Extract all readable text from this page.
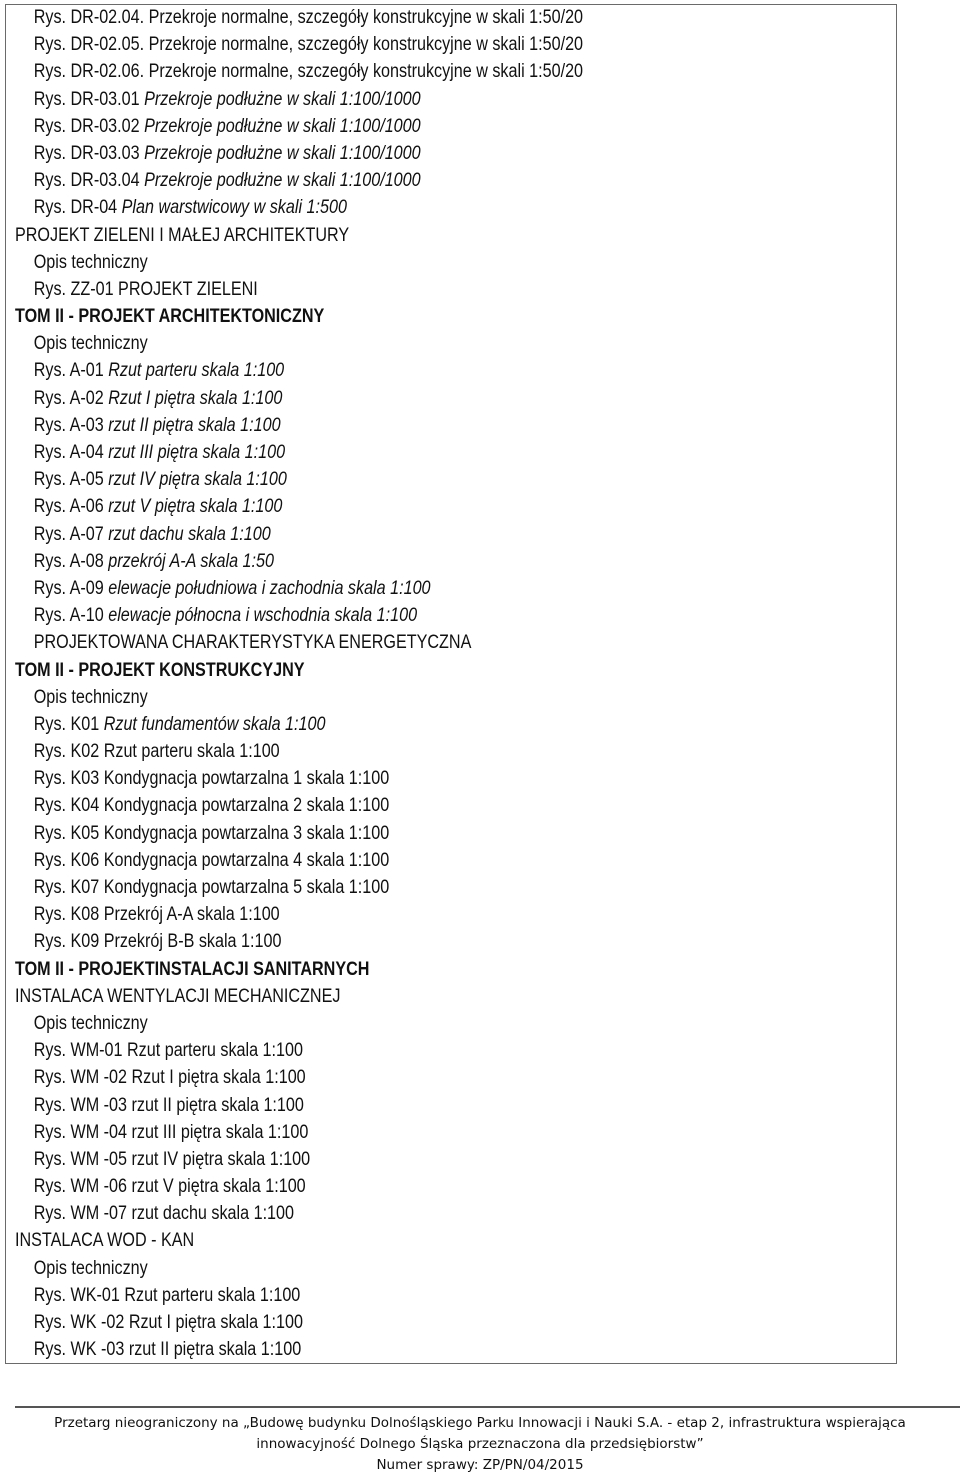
Rys. DR-02.04. Przekroje normalne, szczegóły konstrukcyjne w skali 1:50/20
Rys. DR-02.05. Przekroje normalne, szczegóły konstrukcyjne w skali 1:50/20
Rys. DR-02.06. Przekroje normalne, szczegóły konstrukcyjne w skali 1:50/20
Rys. DR-03.01 Przekroje podłużne w skali 1:100/1000
Rys. DR-03.02 Przekroje podłużne w skali 1:100/1000
Rys. DR-03.03 Przekroje podłużne w skali 1:100/1000
Rys. DR-03.04 Przekroje podłużne w skali 1:100/1000
Rys. DR-04 Plan warstwicowy w skali 1:500
PROJEKT ZIELENI I MAŁEJ ARCHITEKTURY
Opis techniczny
Rys. ZZ-01 PROJEKT ZIELENI
TOM II - PROJEKT ARCHITEKTONICZNY
Opis techniczny
Rys. A-01 Rzut parteru skala 1:100
Rys. A-02 Rzut I piętra skala 1:100
Rys. A-03 rzut II piętra skala 1:100
Rys. A-04 rzut III piętra skala 1:100
Rys. A-05 rzut IV piętra skala 1:100
Rys. A-06 rzut V piętra skala 1:100
Rys. A-07 rzut dachu skala 1:100
Rys. A-08 przekrój A-A skala 1:50
Rys. A-09 elewacje południowa i zachodnia skala 1:100
Rys. A-10 elewacje północna i wschodnia skala 1:100
PROJEKTOWANA CHARAKTERYSTYKA ENERGETYCZNA
TOM II - PROJEKT KONSTRUKCYJNY
Opis techniczny
Rys. K01 Rzut fundamentów skala 1:100
Rys. K02 Rzut parteru skala 1:100
Rys. K03 Kondygnacja powtarzalna 1 skala 1:100
Rys. K04 Kondygnacja powtarzalna 2 skala 1:100
Rys. K05 Kondygnacja powtarzalna 3 skala 1:100
Rys. K06 Kondygnacja powtarzalna 4 skala 1:100
Rys. K07 Kondygnacja powtarzalna 5 skala 1:100
Rys. K08 Przekrój A-A skala 1:100
Rys. K09 Przekrój B-B skala 1:100
TOM II - PROJEKTINSTALACJI SANITARNYCH
INSTALACA WENTYLACJI MECHANICZNEJ
Opis techniczny
Rys. WM-01 Rzut parteru skala 1:100
Rys. WM -02 Rzut I piętra skala 1:100
Rys. WM -03 rzut II piętra skala 1:100
Rys. WM -04 rzut III piętra skala 1:100
Rys. WM -05 rzut IV piętra skala 1:100
Rys. WM -06 rzut V piętra skala 1:100
Rys. WM -07 rzut dachu skala 1:100
INSTALACA WOD - KAN
Opis techniczny
Rys. WK-01 Rzut parteru skala 1:100
Rys. WK -02 Rzut I piętra skala 1:100
Rys. WK -03 rzut II piętra skala 1:100
Przetarg nieograniczony na „Budowę budynku Dolnośląskiego Parku Innowacji i Nauki S.A. - etap 2, infrastruktura wspierająca
innowacyjność Dolnego Śląska przeznaczona dla przedsiębiorstw”
Numer sprawy: ZP/PN/04/2015
